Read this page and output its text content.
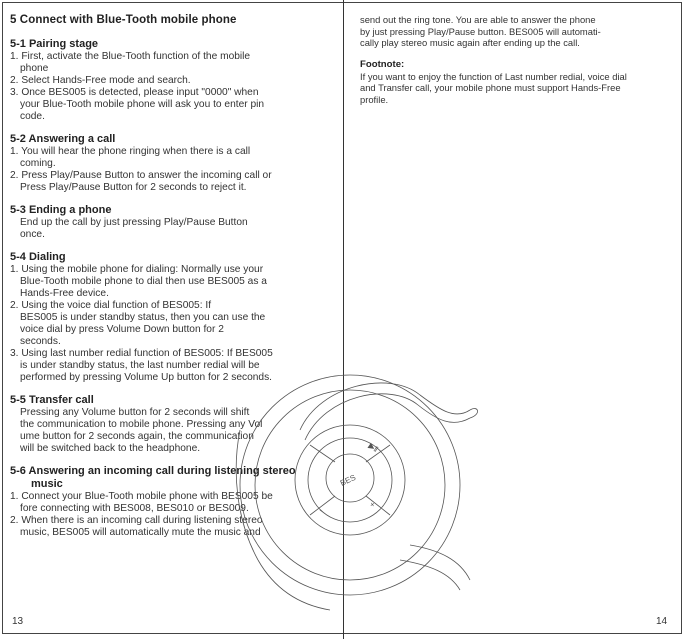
5 Connect with Blue-Tooth mobile phone
5-1 Pairing stage
1. First, activate the Blue-Tooth function of the mobile
phone
2. Select Hands-Free mode and search.
3. Once BES005 is detected, please input "0000" when
your Blue-Tooth mobile phone will ask you to enter pin
code.
5-2 Answering a call
1. You will hear the phone ringing when there is a call
coming.
2. Press Play/Pause Button to answer the incoming call or
Press Play/Pause Button for 2 seconds to reject it.
5-3 Ending a phone
End up the call by just pressing Play/Pause Button
once.
5-4 Dialing
1. Using the mobile phone for dialing: Normally use your
Blue-Tooth mobile phone to dial then use BES005 as a
Hands-Free device.
2. Using the voice dial function of BES005: If
BES005 is under standby status, then you can use the
voice dial by press Volume Down button for 2
seconds.
3. Using last number redial function of BES005: If BES005
is under standby status, the last number redial will be
performed by pressing Volume Up button for 2 seconds.
5-5 Transfer call
Pressing any Volume button for 2 seconds will shift
the communication to mobile phone. Pressing any Vol
ume button for 2 seconds again, the communication
will be switched back to the headphone.
5-6 Answering an incoming call during listening stereo
music
1. Connect your Blue-Tooth mobile phone with BES005 be
fore connecting with BES008, BES010 or BES009.
2. When there is an incoming call during listening stereo
music, BES005 will automatically mute the music and
send out the ring tone. You are able to answer the phone
by just pressing Play/Pause button. BES005 will automati-
cally play stereo music again after ending up the call.
Footnote:
If you want to enjoy the function of Last number redial, voice dial
and Transfer call, your mobile phone must support Hands-Free
profile.
13	14
▶‖
+
−
BES
